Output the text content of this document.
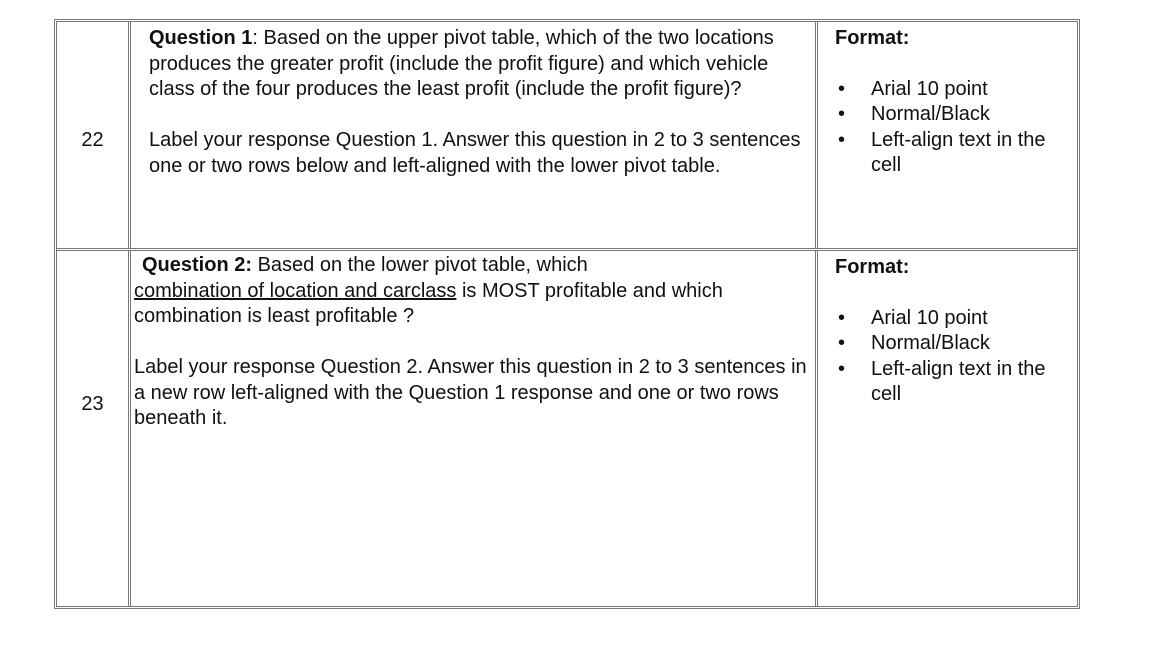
22

Question 1: Based on the upper pivot table, which of the two locations produces the greater profit (include the profit figure) and which vehicle class of the four produces the least profit (include the profit figure)?

Label your response Question 1. Answer this question in 2 to 3 sentences one or two rows below and left-aligned with the lower pivot table.

Format:

• Arial 10 point
• Normal/Black
• Left-align text in the cell
23

Question 2: Based on the lower pivot table, which
combination of location and carclass is MOST profitable and which combination is least profitable ?

Label your response Question 2. Answer this question in 2 to 3 sentences in a new row left-aligned with the Question 1 response and one or two rows beneath it.

Format:

• Arial 10 point
• Normal/Black
• Left-align text in the cell
